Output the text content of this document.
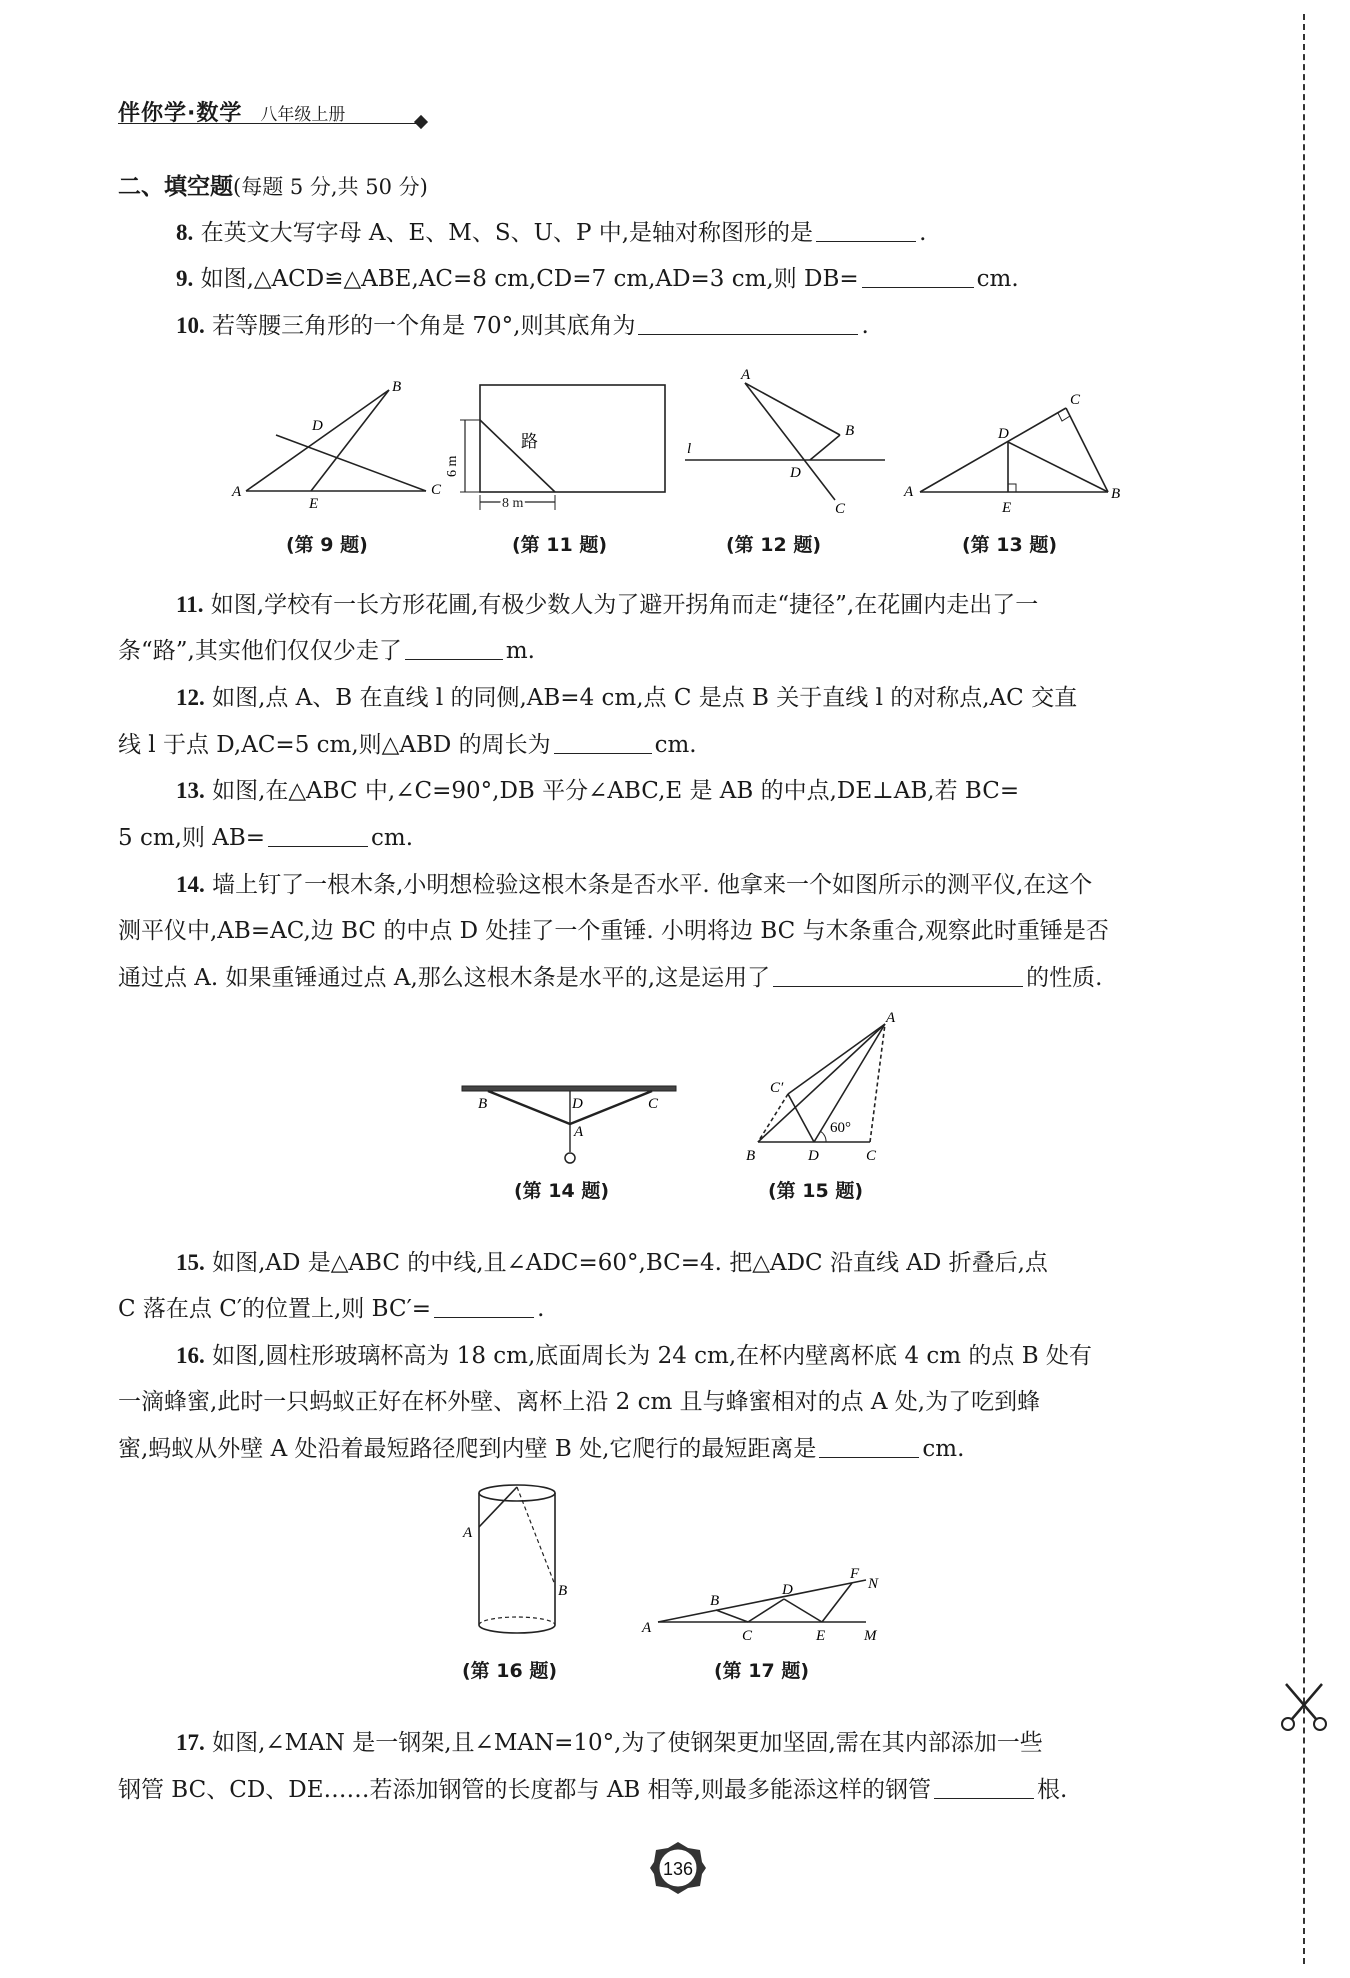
伴你学·数学 八年级上册
二、填空题(每题 5 分,共 50 分)
8. 在英文大写字母 A、E、M、S、U、P 中,是轴对称图形的是	.
9. 如图,△ACD≌△ABE,AC=8 cm,CD=7 cm,AD=3 cm,则 DB=	cm.
10. 若等腰三角形的一个角是 70°,则其底角为	.
A
B
C
D
E
路
6 m
8 m
A
B
C
D
l
A	B
C
D
E
(第 9 题)	(第 11 题)	(第 12 题)	(第 13 题)
11. 如图,学校有一长方形花圃,有极少数人为了避开拐角而走“捷径”,在花圃内走出了一
条“路”,其实他们仅仅少走了	m.
12. 如图,点 A、B 在直线 l 的同侧,AB=4 cm,点 C 是点 B 关于直线 l 的对称点,AC 交直
线 l 于点 D,AC=5 cm,则△ABD 的周长为	cm.
13. 如图,在△ABC 中,∠C=90°,DB 平分∠ABC,E 是 AB 的中点,DE⊥AB,若 BC=
5 cm,则 AB=	cm.
14. 墙上钉了一根木条,小明想检验这根木条是否水平. 他拿来一个如图所示的测平仪,在这个
测平仪中,AB=AC,边 BC 的中点 D 处挂了一个重锤. 小明将边 BC 与木条重合,观察此时重锤是否
通过点 A. 如果重锤通过点 A,那么这根木条是水平的,这是运用了	的性质.
B	D	C
A
B	D	C
A
C′
60°
(第 14 题)	(第 15 题)
15. 如图,AD 是△ABC 的中线,且∠ADC=60°,BC=4. 把△ADC 沿直线 AD 折叠后,点
C 落在点 C′的位置上,则 BC′=	.
16. 如图,圆柱形玻璃杯高为 18 cm,底面周长为 24 cm,在杯内壁离杯底 4 cm 的点 B 处有
一滴蜂蜜,此时一只蚂蚁正好在杯外壁、离杯上沿 2 cm 且与蜂蜜相对的点 A 处,为了吃到蜂
蜜,蚂蚁从外壁 A 处沿着最短路径爬到内壁 B 处,它爬行的最短距离是	cm.
A
B
A
B
C
D
E
F
N
M
(第 16 题)	(第 17 题)
17. 如图,∠MAN 是一钢架,且∠MAN=10°,为了使钢架更加坚固,需在其内部添加一些
钢管 BC、CD、DE……若添加钢管的长度都与 AB 相等,则最多能添这样的钢管	根.
136
